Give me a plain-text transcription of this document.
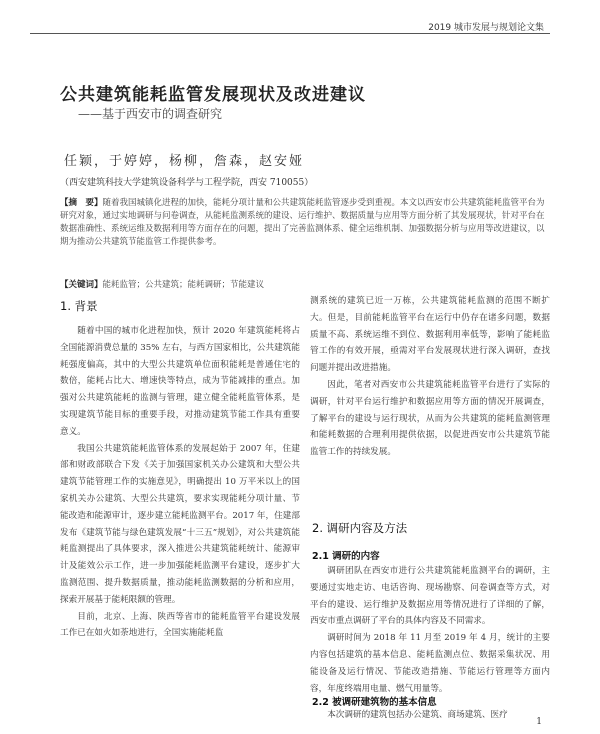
2019 城市发展与规划论文集
公共建筑能耗监管发展现状及改进建议
——基于西安市的调查研究
任颖，于婷婷，杨柳，詹森，赵安娅
（西安建筑科技大学建筑设备科学与工程学院，西安 710055）
【摘　要】随着我国城镇化进程的加快，能耗分项计量和公共建筑能耗监管逐步受到重视。本文以西安市公共建筑能耗监管平台为研究对象，通过实地调研与问卷调查，从能耗监测系统的建设、运行维护、数据质量与应用等方面分析了其发展现状，针对平台在数据准确性、系统运维及数据利用等方面存在的问题，提出了完善监测体系、健全运维机制、加强数据分析与应用等改进建议，以期为推动公共建筑节能监管工作提供参考。
【关键词】能耗监管；公共建筑；能耗调研；节能建议
1. 背景

随着中国的城市化进程加快，预计 2020 年建筑能耗将占全国能源消费总量的 35% 左右，与西方国家相比，公共建筑能耗强度偏高，其中的大型公共建筑单位面积能耗是普通住宅的数倍，能耗占比大、增速快等特点，成为节能减排的重点。加强对公共建筑能耗的监测与管理，建立健全能耗监管体系，是实现建筑节能目标的重要手段，对推动建筑节能工作具有重要意义。

我国公共建筑能耗监管体系的发展起始于 2007 年，住建部和财政部联合下发《关于加强国家机关办公建筑和大型公共建筑节能管理工作的实施意见》，明确提出 10 万平米以上的国家机关办公建筑、大型公共建筑，要求实现能耗分项计量、节能改造和能源审计，逐步建立能耗监测平台。2017 年，住建部发布《建筑节能与绿色建筑发展“十三五”规划》，对公共建筑能耗监测提出了具体要求，深入推进公共建筑能耗统计、能源审计及能效公示工作，进一步加强能耗监测平台建设，逐步扩大监测范围、提升数据质量，推动能耗监测数据的分析和应用，探索开展基于能耗限额的管理。

目前，北京、上海、陕西等省市的能耗监管平台建设发展工作已在如火如荼地进行，全国实施能耗监

测系统的建筑已近一万栋，公共建筑能耗监测的范围不断扩大。但是，目前能耗监管平台在运行中仍存在诸多问题，数据质量不高、系统运维不到位、数据利用率低等，影响了能耗监管工作的有效开展，亟需对平台发展现状进行深入调研，查找问题并提出改进措施。

因此，笔者对西安市公共建筑能耗监管平台进行了实际的调研，针对平台运行维护和数据应用等方面的情况开展调查，了解平台的建设与运行现状，从而为公共建筑的能耗监测管理和能耗数据的合理利用提供依据，以促进西安市公共建筑节能监管工作的持续发展。

2. 调研内容及方法
2.1 调研的内容

调研团队在西安市进行公共建筑能耗监测平台的调研，主要通过实地走访、电话咨询、现场勘察、问卷调查等方式，对平台的建设、运行维护及数据应用等情况进行了详细的了解，西安市重点调研了平台的具体内容及不同需求。

调研时间为 2018 年 11 月至 2019 年 4 月，统计的主要内容包括建筑的基本信息、能耗监测点位、数据采集状况、用能设备及运行情况、节能改造措施、节能运行管理等方面内容，年度终端用电量、燃气用量等。

2.2 被调研建筑物的基本信息

本次调研的建筑包括办公建筑、商场建筑、医疗

1
